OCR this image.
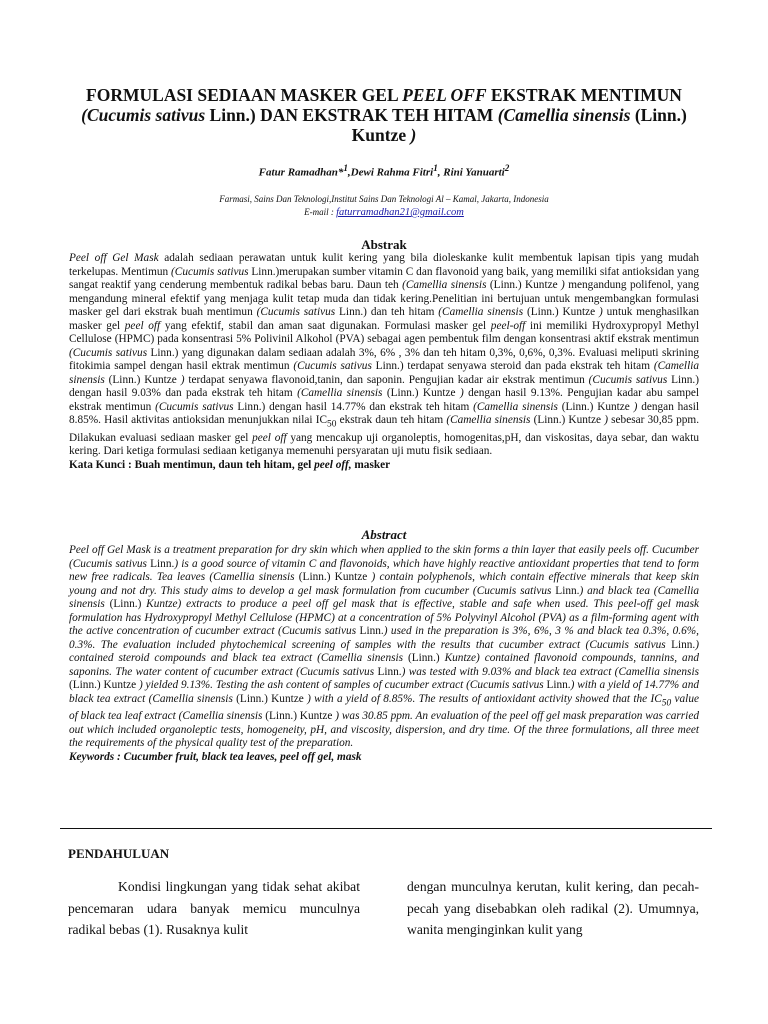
FORMULASI SEDIAAN MASKER GEL PEEL OFF EKSTRAK MENTIMUN
(Cucumis sativus Linn.) DAN EKSTRAK TEH HITAM (Camellia sinensis (Linn.)
Kuntze )
Fatur Ramadhan*$^1$,Dewi Rahma Fitri$^1$, Rini Yanuarti$^2$
Farmasi, Sains Dan Teknologi,Institut Sains Dan Teknologi Al – Kamal, Jakarta, Indonesia
E-mail : faturramadhan21@gmail.com
Abstrak
Peel off Gel Mask adalah sediaan perawatan untuk kulit kering yang bila dioleskanke kulit membentuk lapisan tipis yang mudah terkelupas. Mentimun (Cucumis sativus Linn.)merupakan sumber vitamin C dan flavonoid yang baik, yang memiliki sifat antioksidan yang sangat reaktif yang cenderung membentuk radikal bebas baru. Daun teh (Camellia sinensis (Linn.) Kuntze ) mengandung polifenol, yang mengandung mineral efektif yang menjaga kulit tetap muda dan tidak kering.Penelitian ini bertujuan untuk mengembangkan formulasi masker gel dari ekstrak buah mentimun (Cucumis sativus Linn.) dan teh hitam (Camellia sinensis (Linn.) Kuntze ) untuk menghasilkan masker gel peel off yang efektif, stabil dan aman saat digunakan. Formulasi masker gel peel-off ini memiliki Hydroxypropyl Methyl Cellulose (HPMC) pada konsentrasi 5% Polivinil Alkohol (PVA) sebagai agen pembentuk film dengan konsentrasi aktif ekstrak mentimun (Cucumis sativus Linn.) yang digunakan dalam sediaan adalah 3%, 6% , 3% dan teh hitam 0,3%, 0,6%, 0,3%. Evaluasi meliputi skrining fitokimia sampel dengan hasil ektrak mentimun (Cucumis sativus Linn.) terdapat senyawa steroid dan pada ekstrak teh hitam (Camellia sinensis (Linn.) Kuntze ) terdapat senyawa flavonoid,tanin, dan saponin. Pengujian kadar air ekstrak mentimun (Cucumis sativus Linn.) dengan hasil 9.03% dan pada ekstrak teh hitam (Camellia sinensis (Linn.) Kuntze ) dengan hasil 9.13%. Pengujian kadar abu sampel ekstrak mentimun (Cucumis sativus Linn.) dengan hasil 14.77% dan ekstrak teh hitam (Camellia sinensis (Linn.) Kuntze ) dengan hasil 8.85%. Hasil aktivitas antioksidan menunjukkan nilai $IC_{50}$ ekstrak daun teh hitam (Camellia sinensis (Linn.) Kuntze ) sebesar 30,85 ppm. Dilakukan evaluasi sediaan masker gel peel off yang mencakup uji organoleptis, homogenitas,pH, dan viskositas, daya sebar, dan waktu kering. Dari ketiga formulasi sediaan ketiganya memenuhi persyaratan uji mutu fisik sediaan.
Kata Kunci : Buah mentimun, daun teh hitam, gel peel off, masker
Abstract
Peel off Gel Mask is a treatment preparation for dry skin which when applied to the skin forms a thin layer that easily peels off. Cucumber (Cucumis sativus Linn.) is a good source of vitamin C and flavonoids, which have highly reactive antioxidant properties that tend to form new free radicals. Tea leaves (Camellia sinensis (Linn.) Kuntze ) contain polyphenols, which contain effective minerals that keep skin young and not dry. This study aims to develop a gel mask formulation from cucumber (Cucumis sativus Linn.) and black tea (Camellia sinensis (Linn.) Kuntze) extracts to produce a peel off gel mask that is effective, stable and safe when used. This peel-off gel mask formulation has Hydroxypropyl Methyl Cellulose (HPMC) at a concentration of 5% Polyvinyl Alcohol (PVA) as a film-forming agent with the active concentration of cucumber extract (Cucumis sativus Linn.) used in the preparation is 3%, 6%, 3 % and black tea 0.3%, 0.6%, 0.3%. The evaluation included phytochemical screening of samples with the results that cucumber extract (Cucumis sativus Linn.) contained steroid compounds and black tea extract (Camellia sinensis (Linn.) Kuntze) contained flavonoid compounds, tannins, and saponins. The water content of cucumber extract (Cucumis sativus Linn.) was tested with 9.03% and black tea extract (Camellia sinensis (Linn.) Kuntze ) yielded 9.13%. Testing the ash content of samples of cucumber extract (Cucumis sativus Linn.) with a yield of 14.77% and black tea extract (Camellia sinensis (Linn.) Kuntze ) with a yield of 8.85%. The results of antioxidant activity showed that the $IC_{50}$ value of black tea leaf extract (Camellia sinensis (Linn.) Kuntze ) was 30.85 ppm. An evaluation of the peel off gel mask preparation was carried out which included organoleptic tests, homogeneity, pH, and viscosity, dispersion, and dry time. Of the three formulations, all three meet the requirements of the physical quality test of the preparation.
Keywords : Cucumber fruit, black tea leaves, peel off gel, mask
PENDAHULUAN
Kondisi lingkungan yang tidak sehat akibat pencemaran udara banyak memicu munculnya radikal bebas (1). Rusaknya kulit
dengan munculnya kerutan, kulit kering, dan pecah-pecah yang disebabkan oleh radikal (2). Umumnya, wanita menginginkan kulit yang
